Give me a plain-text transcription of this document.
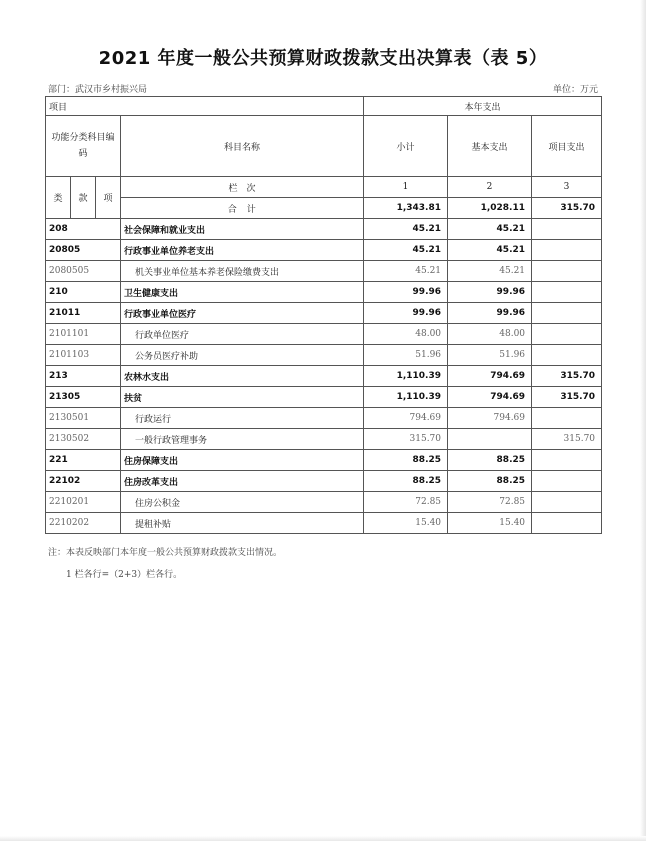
2021 年度一般公共预算财政拨款支出决算表（表 5）
部门：武汉市乡村振兴局	单位：万元
项目				本年支出		
功能分类科目编码			科目名称	小计	基本支出	项目支出
类	款	项	栏　次	1	2	3
			合　计	1,343.81	1,028.11	315.70
208			社会保障和就业支出	45.21	45.21	
20805			行政事业单位养老支出	45.21	45.21	
2080505			机关事业单位基本养老保险缴费支出	45.21	45.21	
210			卫生健康支出	99.96	99.96	
21011			行政事业单位医疗	99.96	99.96	
2101101			行政单位医疗	48.00	48.00	
2101103			公务员医疗补助	51.96	51.96	
213			农林水支出	1,110.39	794.69	315.70
21305			扶贫	1,110.39	794.69	315.70
2130501			行政运行	794.69	794.69	
2130502			一般行政管理事务	315.70		315.70
221			住房保障支出	88.25	88.25	
22102			住房改革支出	88.25	88.25	
2210201			住房公积金	72.85	72.85	
2210202			提租补贴	15.40	15.40	
注：本表反映部门本年度一般公共预算财政拨款支出情况。
1 栏各行=（2+3）栏各行。
